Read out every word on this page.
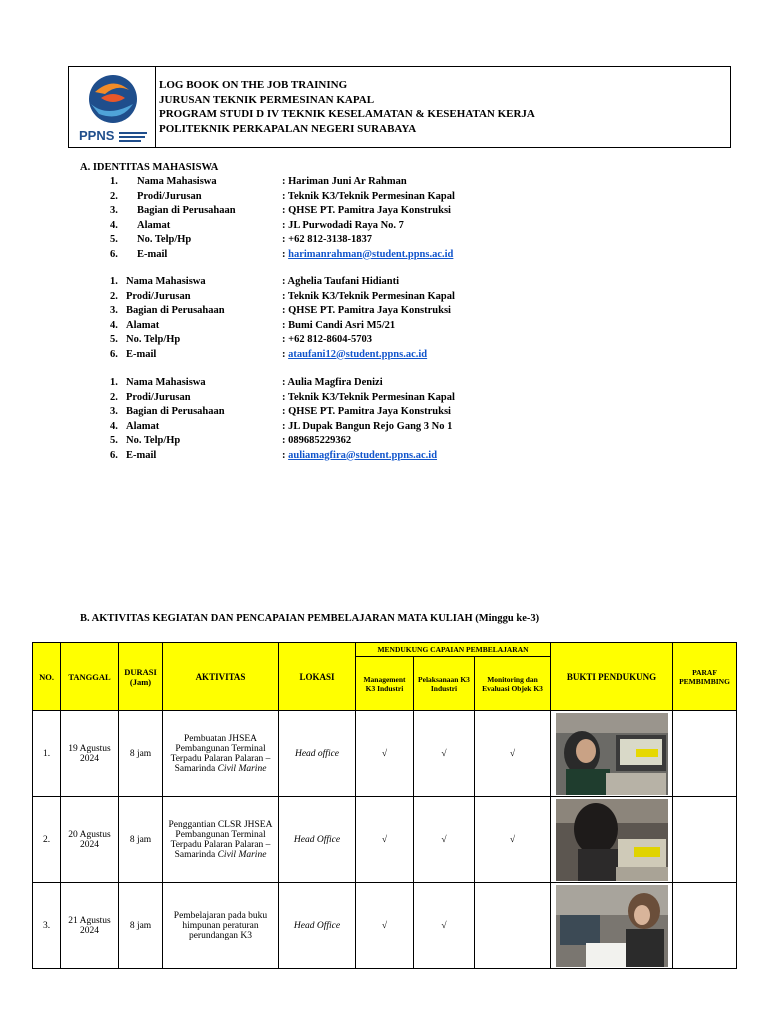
PPNS
LOG BOOK ON THE JOB TRAINING
JURUSAN TEKNIK PERMESINAN KAPAL
PROGRAM STUDI D IV TEKNIK KESELAMATAN & KESEHATAN KERJA
POLITEKNIK PERKAPALAN NEGERI SURABAYA
A. IDENTITAS MAHASISWA
1. Nama Mahasiswa	: Hariman Juni Ar Rahman
2. Prodi/Jurusan	: Teknik K3/Teknik Permesinan Kapal
3. Bagian di Perusahaan	: QHSE PT. Pamitra Jaya Konstruksi
4. Alamat	: JL Purwodadi Raya No. 7
5. No. Telp/Hp	: +62 812-3138-1837
6. E-mail	: harimanrahman@student.ppns.ac.id
1. Nama Mahasiswa	: Aghelia Taufani Hidianti
2. Prodi/Jurusan	: Teknik K3/Teknik Permesinan Kapal
3. Bagian di Perusahaan	: QHSE PT. Pamitra Jaya Konstruksi
4. Alamat	: Bumi Candi Asri M5/21
5. No. Telp/Hp	: +62 812-8604-5703
6. E-mail	: ataufani12@student.ppns.ac.id
1. Nama Mahasiswa	: Aulia Magfira Denizi
2. Prodi/Jurusan	: Teknik K3/Teknik Permesinan Kapal
3. Bagian di Perusahaan	: QHSE PT. Pamitra Jaya Konstruksi
4. Alamat	: JL Dupak Bangun Rejo Gang 3 No 1
5. No. Telp/Hp	: 089685229362
6. E-mail	: auliamagfira@student.ppns.ac.id
B. AKTIVITAS KEGIATAN DAN PENCAPAIAN PEMBELAJARAN MATA KULIAH (Minggu ke-3)
NO.	TANGGAL	DURASI (Jam)	AKTIVITAS	LOKASI	MENDUKUNG CAPAIAN PEMBELAJARAN			BUKTI PENDUKUNG	PARAF PEMBIMBING
					Management K3 Industri	Pelaksanaan K3 Industri	Monitoring dan Evaluasi Objek K3		
1.	19 Agustus 2024	8 jam	Pembuatan JHSEA Pembangunan Terminal Terpadu Palaran Palaran – Samarinda Civil Marine	Head office	√	√	√	

2.	20 Agustus 2024	8 jam	Penggantian CLSR JHSEA Pembangunan Terminal Terpadu Palaran Palaran – Samarinda Civil Marine	Head Office	√	√	√	

3.	21 Agustus 2024	8 jam	Pembelajaran pada buku himpunan peraturan perundangan K3	Head Office	√	√		
